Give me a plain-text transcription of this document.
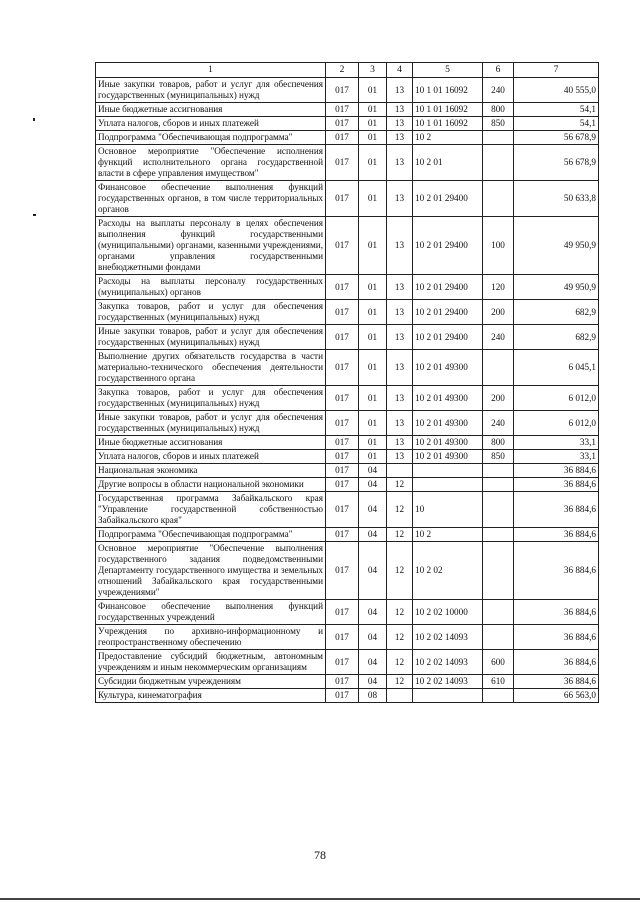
1	2	3	4	5	6	7
Иные закупки товаров, работ и услуг для обеспечения государственных (муниципальных) нужд	017	01	13	10 1 01 16092	240	40 555,0
Иные бюджетные ассигнования	017	01	13	10 1 01 16092	800	54,1
Уплата налогов, сборов и иных платежей	017	01	13	10 1 01 16092	850	54,1
Подпрограмма "Обеспечивающая подпрограмма"	017	01	13	10 2		56 678,9
Основное мероприятие "Обеспечение исполнения функций исполнительного органа государственной власти в сфере управления имуществом"	017	01	13	10 2 01		56 678,9
Финансовое обеспечение выполнения функций государственных органов, в том числе территориальных органов	017	01	13	10 2 01 29400		50 633,8
Расходы на выплаты персоналу в целях обеспечения выполнения функций государственными (муниципальными) органами, казенными учреждениями, органами управления государственными внебюджетными фондами	017	01	13	10 2 01 29400	100	49 950,9
Расходы на выплаты персоналу государственных (муниципальных) органов	017	01	13	10 2 01 29400	120	49 950,9
Закупка товаров, работ и услуг для обеспечения государственных (муниципальных) нужд	017	01	13	10 2 01 29400	200	682,9
Иные закупки товаров, работ и услуг для обеспечения государственных (муниципальных) нужд	017	01	13	10 2 01 29400	240	682,9
Выполнение других обязательств государства в части материально-технического обеспечения деятельности государственного органа	017	01	13	10 2 01 49300		6 045,1
Закупка товаров, работ и услуг для обеспечения государственных (муниципальных) нужд	017	01	13	10 2 01 49300	200	6 012,0
Иные закупки товаров, работ и услуг для обеспечения государственных (муниципальных) нужд	017	01	13	10 2 01 49300	240	6 012,0
Иные бюджетные ассигнования	017	01	13	10 2 01 49300	800	33,1
Уплата налогов, сборов и иных платежей	017	01	13	10 2 01 49300	850	33,1
Национальная экономика	017	04				36 884,6
Другие вопросы в области национальной экономики	017	04	12			36 884,6
Государственная программа Забайкальского края "Управление государственной собственностью Забайкальского края"	017	04	12	10		36 884,6
Подпрограмма "Обеспечивающая подпрограмма"	017	04	12	10 2		36 884,6
Основное мероприятие "Обеспечение выполнения государственного задания подведомственными Департаменту государственного имущества и земельных отношений Забайкальского края государственными учреждениями"	017	04	12	10 2 02		36 884,6
Финансовое обеспечение выполнения функций государственных учреждений	017	04	12	10 2 02 10000		36 884,6
Учреждения по архивно-информационному и геопространственному обеспечению	017	04	12	10 2 02 14093		36 884,6
Предоставление субсидий бюджетным, автономным учреждениям и иным некоммерческим организациям	017	04	12	10 2 02 14093	600	36 884,6
Субсидии бюджетным учреждениям	017	04	12	10 2 02 14093	610	36 884,6
Культура, кинематография	017	08				66 563,0
78
